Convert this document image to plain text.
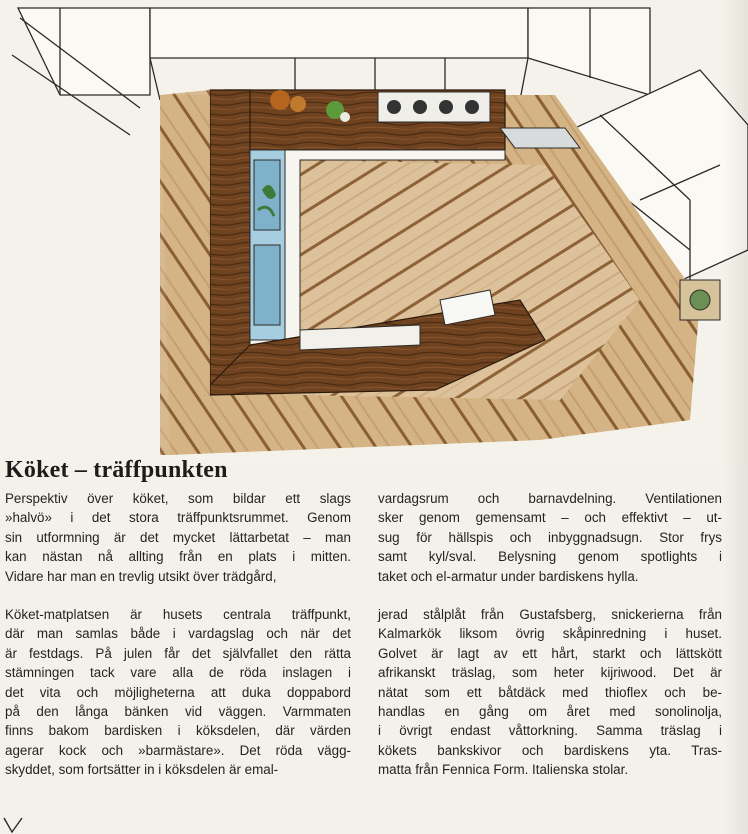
Köket – träffpunkten

Perspektiv över köket, som bildar ett slags
»halvö» i det stora träffpunktsrummet. Genom
sin utformning är det mycket lättarbetat – man
kan nästan nå allting från en plats i mitten.
Vidare har man en trevlig utsikt över trädgård,

Köket-matplatsen är husets centrala träffpunkt,
där man samlas både i vardagslag och när det
är festdags. På julen får det självfallet den rätta
stämningen tack vare alla de röda inslagen i
det vita och möjligheterna att duka doppabord
på den långa bänken vid väggen. Varmmaten
finns bakom bardisken i köksdelen, där värden
agerar kock och »barmästare». Det röda vägg-
skyddet, som fortsätter in i köksdelen är emal-

vardagsrum och barnavdelning. Ventilationen
sker genom gemensamt – och effektivt – ut-
sug för hällspis och inbyggnadsugn. Stor frys
samt kyl/sval. Belysning genom spotlights i
taket och el-armatur under bardiskens hylla.

jerad stålplåt från Gustafsberg, snickerierna från
Kalmarkök liksom övrig skåpinredning i huset.
Golvet är lagt av ett hårt, starkt och lättskött
afrikanskt träslag, som heter kijriwood. Det är
nätat som ett båtdäck med thioflex och be-
handlas en gång om året med sonolinolja,
i övrigt endast våttorkning. Samma träslag i
kökets bankskivor och bardiskens yta. Tras-
matta från Fennica Form. Italienska stolar.
